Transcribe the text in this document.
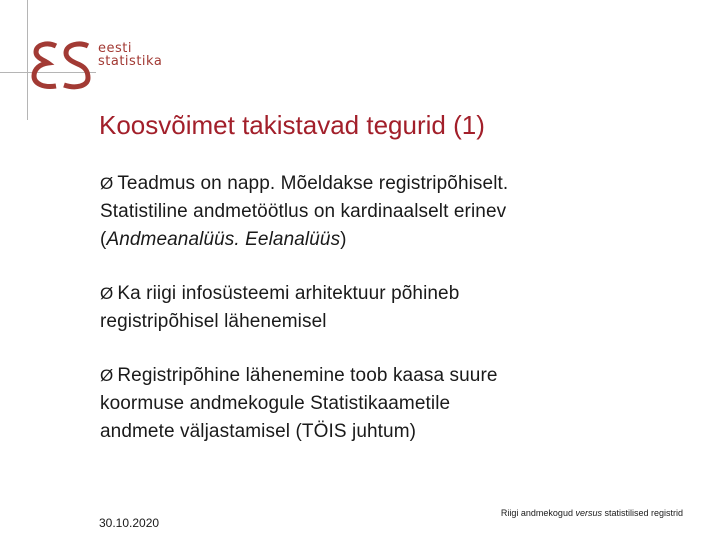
eesti
statistika
Koosvõimet takistavad tegurid (1)

Ø Teadmus on napp. Mõeldakse registripõhiselt.
Statistiline andmetöötlus on kardinaalselt erinev
(Andmeanalüüs. Eelanalüüs)

Ø Ka riigi infosüsteemi arhitektuur põhineb
registripõhisel lähenemisel

Ø Registripõhine lähenemine toob kaasa suure
koormuse andmekogule Statistikaametile
andmete väljastamisel (TÖIS juhtum)

Riigi andmekogud versus statistilised registrid
30.10.2020
